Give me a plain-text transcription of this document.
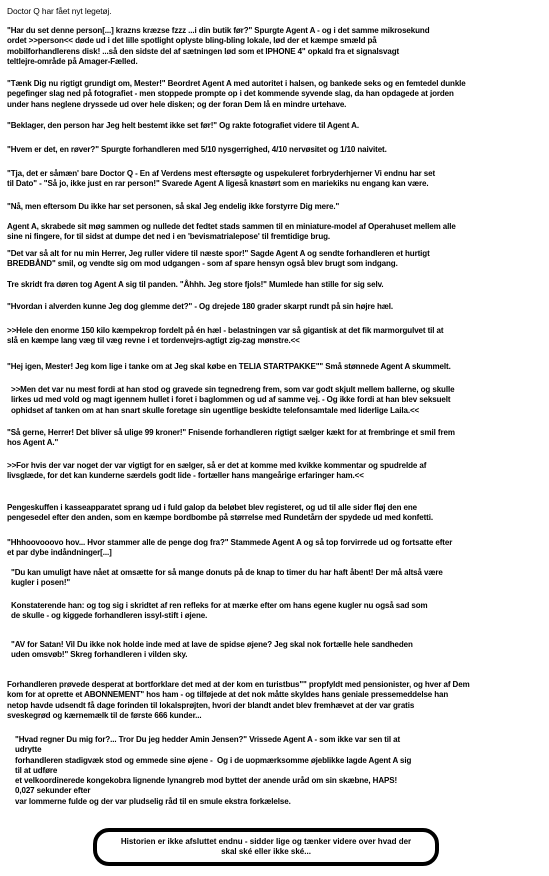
Doctor Q har fået nyt legetøj.
"Har du set denne person[...] krazns kræzse fzzz ...i din butik før?" Spurgte Agent A - og i det samme mikrosekund
ordet >>person<< døde ud i det lille spotlight oplyste bling-bling lokale, lød der et kæmpe smæld på
mobilforhandlerens disk! ...så den sidste del af sætningen lød som et IPHONE 4" opkald fra et signalsvagt
teltlejre-område på Amager-Fælled.
"Tænk Dig nu rigtigt grundigt om, Mester!" Beordret Agent A med autoritet i halsen, og bankede seks og en femtedel dunkle
pegefinger slag ned på fotografiet - men stoppede prompte op i det kommende syvende slag, da han opdagede at jorden
under hans neglene dryssede ud over hele disken; og der foran Dem lå en mindre urtehave.
"Beklager, den person har Jeg helt bestemt ikke set før!" Og rakte fotografiet videre til Agent A.
"Hvem er det, en røver?" Spurgte forhandleren med 5/10 nysgerrighed, 4/10 nervøsitet og 1/10 naivitet.
"Tja, det er såmæn' bare Doctor Q - En af Verdens mest eftersøgte og uspekuleret forbryderhjerner Vi endnu har set
til Dato" - "Så jo, ikke just en rar person!" Svarede Agent A ligeså knastørt som en mariekiks nu engang kan være.
"Nå, men eftersom Du ikke har set personen, så skal Jeg endelig ikke forstyrre Dig mere."
Agent A, skrabede sit møg sammen og nullede det fedtet stads sammen til en miniature-model af Operahuset mellem alle
sine ni fingere, for til sidst at dumpe det ned i en 'bevismatrialepose' til fremtidige brug.
"Det var så alt for nu min Herrer, Jeg ruller videre til næste spor!" Sagde Agent A og sendte forhandleren et hurtigt
BREDBÅND" smil, og vendte sig om mod udgangen - som af spare hensyn også blev brugt som indgang.
Tre skridt fra døren tog Agent A sig til panden. "Åhhh. Jeg store fjols!" Mumlede han stille for sig selv.
"Hvordan i alverden kunne Jeg dog glemme det?" - Og drejede 180 grader skarpt rundt på sin højre hæl.
>>Hele den enorme 150 kilo kæmpekrop fordelt på én hæl - belastningen var så gigantisk at det fik marmorgulvet til at
slå en kæmpe lang væg til væg revne i et tordenvejrs-agtigt zig-zag mønstre.<<
"Hej igen, Mester! Jeg kom lige i tanke om at Jeg skal købe en TELIA STARTPAKKE"" Små stønnede Agent A skummelt.
>>Men det var nu mest fordi at han stod og gravede sin tegnedreng frem, som var godt skjult mellem ballerne, og skulle
lirkes ud med vold og magt igennem hullet i foret i baglommen og ud af samme vej. - Og ikke fordi at han blev seksuelt
ophidset af tanken om at han snart skulle foretage sin ugentlige beskidte telefonsamtale med liderlige Laila.<<
"Så gerne, Herrer! Det bliver så ulige 99 kroner!" Fnisende forhandleren rigtigt sælger kækt for at frembringe et smil frem
hos Agent A."
>>For hvis der var noget der var vigtigt for en sælger, så er det at komme med kvikke kommentar og spudrelde af
livsglæde, for det kan kunderne særdels godt lide - fortæller hans mangeårige erfaringer ham.<<
Pengeskuffen i kasseapparatet sprang ud i fuld galop da beløbet blev registeret, og ud til alle sider fløj den ene
pengesedel efter den anden, som en kæmpe bordbombe på størrelse med Rundetårn der spydede ud med konfetti.
"Hhhoovooovo hov... Hvor stammer alle de penge dog fra?" Stammede Agent A og så top forvirrede ud og fortsatte efter
et par dybe indåndninger[...]
"Du kan umuligt have nået at omsætte for så mange donuts på de knap to timer du har haft åbent! Der må altså være
kugler i posen!"
Konstaterende han: og tog sig i skridtet af ren refleks for at mærke efter om hans egene kugler nu også sad som
de skulle - og kiggede forhandleren issyl-stift i øjene.
"AV for Satan! Vil Du ikke nok holde inde med at lave de spidse øjene? Jeg skal nok fortælle hele sandheden
uden omsvøb!" Skreg forhandleren i vilden sky.
Forhandleren prøvede desperat at bortforklare det med at der kom en turistbus"" propfyldt med pensionister, og hver af Dem
kom for at oprette et ABONNEMENT" hos ham - og tilføjede at det nok måtte skyldes hans geniale pressemeddelse han
netop havde udsendt få dage forinden til lokalsprøjten, hvori der blandt andet blev fremhævet at der var gratis
sveskegrød og kærnemælk til de første 666 kunder...
"Hvad regner Du mig for?... Tror Du jeg hedder Amin Jensen?" Vrissede Agent A - som ikke var sen til at
udrytte
forhandleren stadigvæk stod og emmede sine øjene -  Og i de uopmærksomme øjeblikke lagde Agent A sig
til at udføre
et velkoordinerede kongekobra lignende lynangreb mod byttet der anende uråd om sin skæbne, HAPS!
0,027 sekunder efter
var lommerne fulde og der var pludselig råd til en smule ekstra forkælelse.
Historien er ikke afsluttet endnu - sidder lige og tænker videre over hvad der
skal ské eller ikke ské...
